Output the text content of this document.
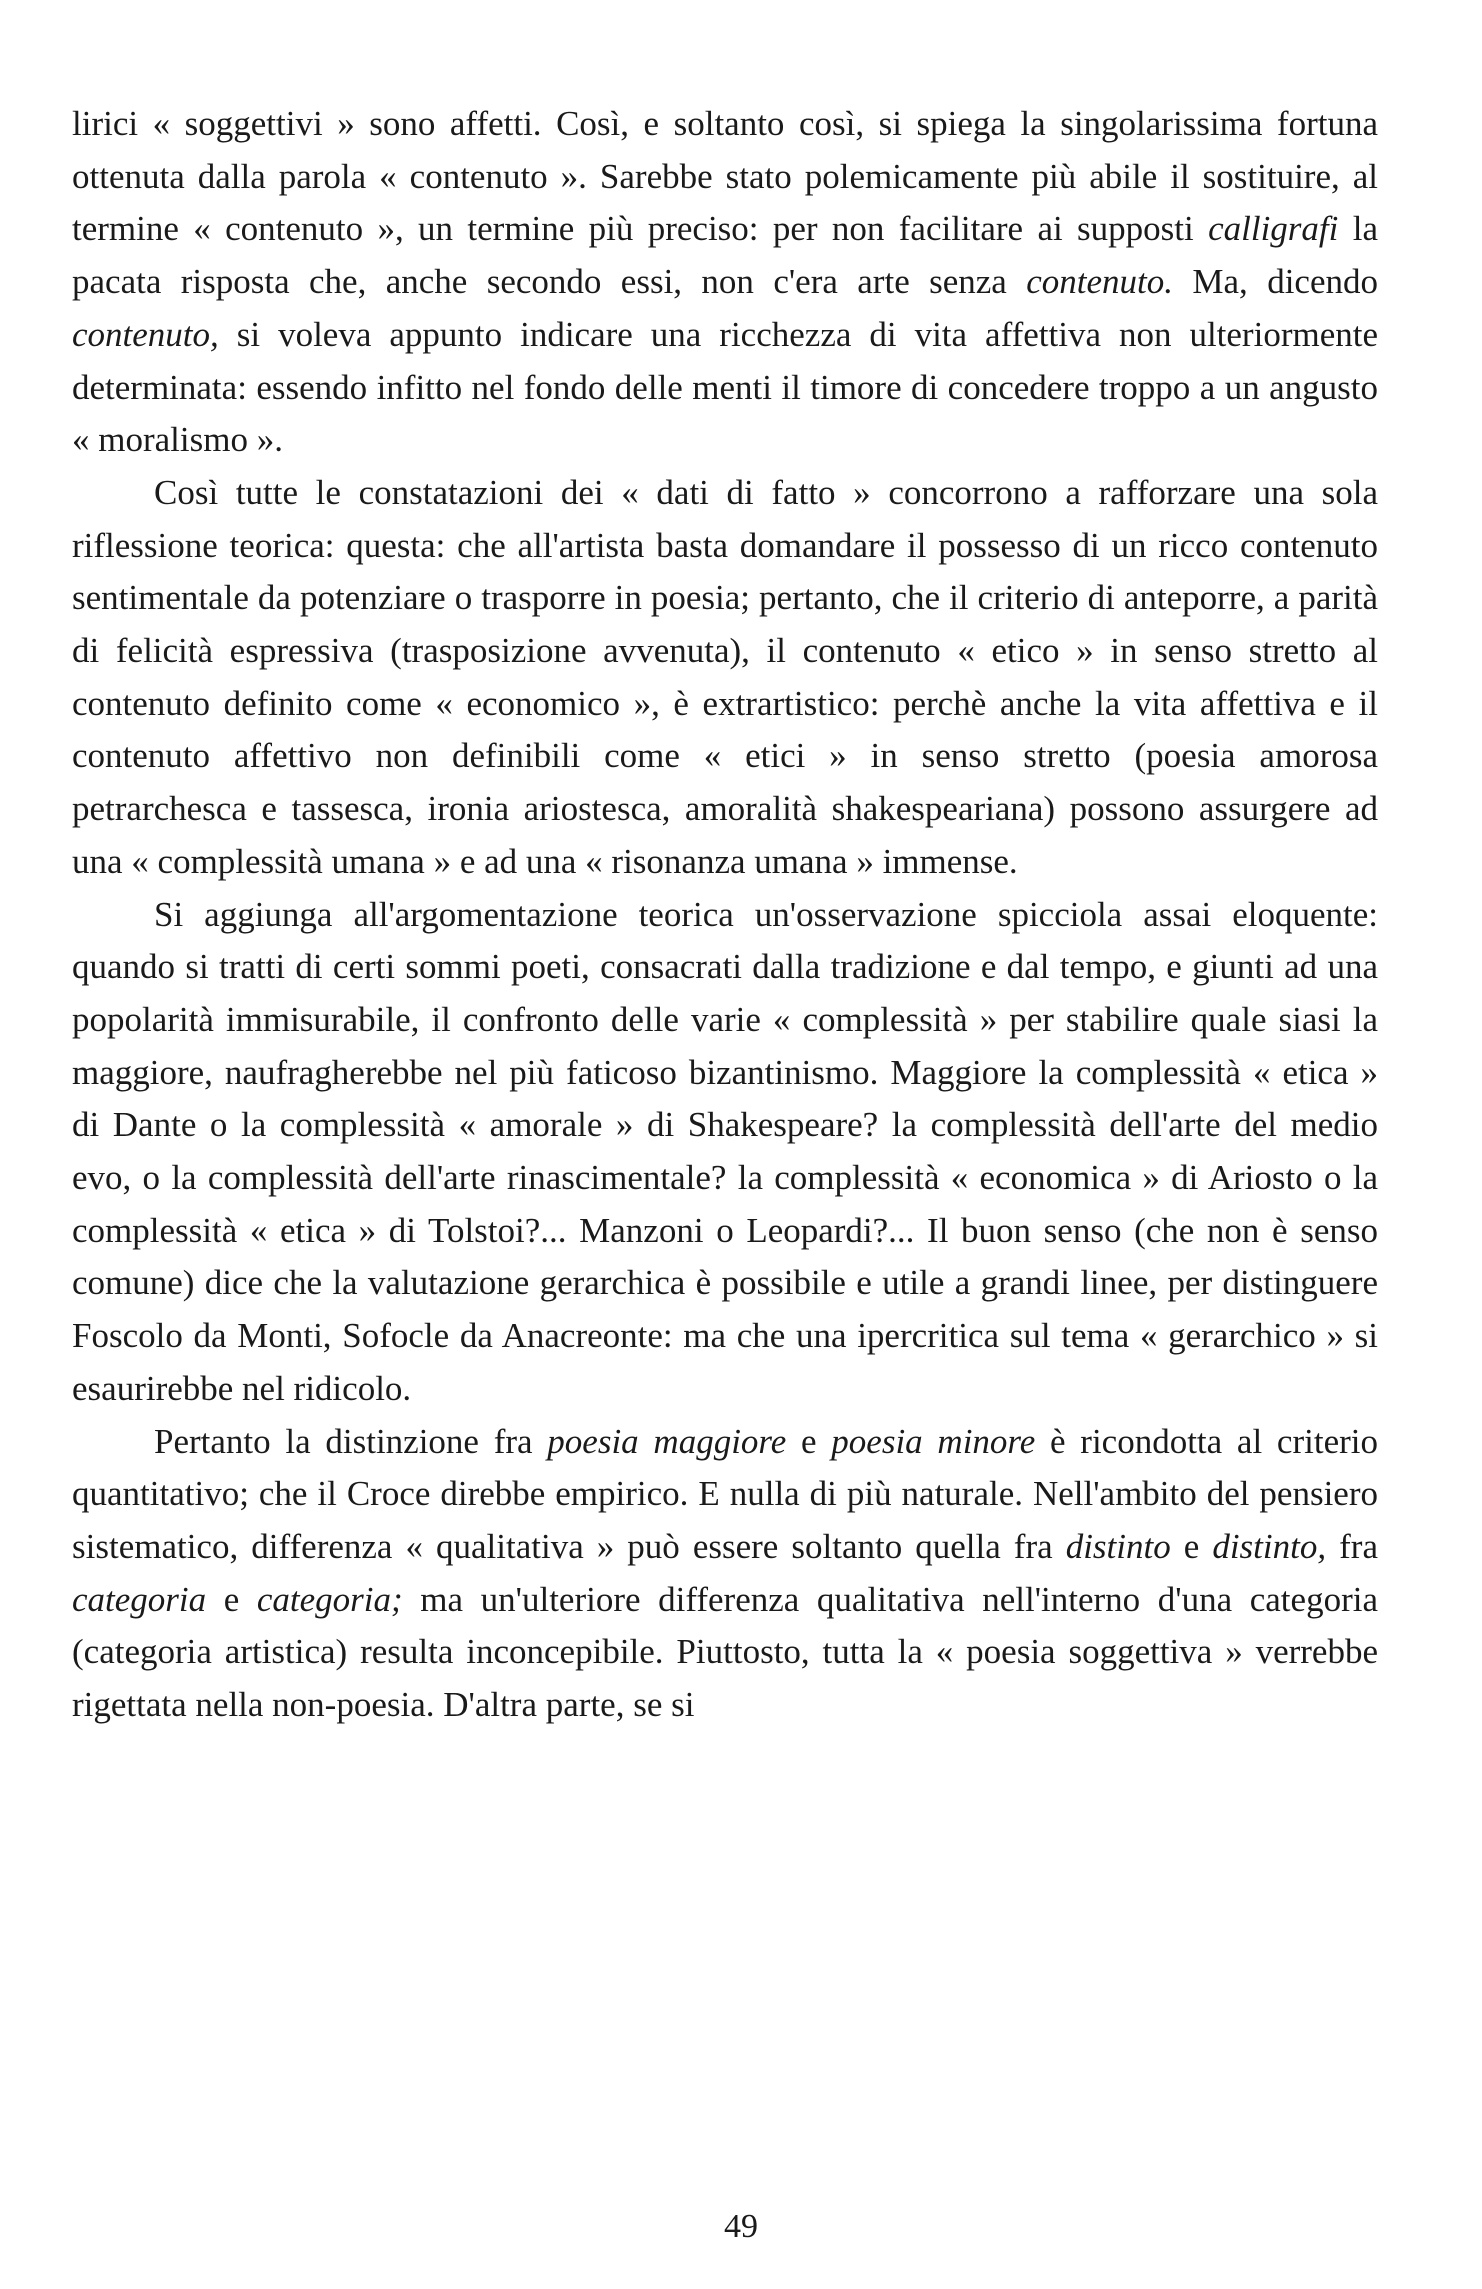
lirici « soggettivi » sono affetti. Così, e soltanto così, si spiega la singolarissima fortuna ottenuta dalla parola « contenuto ». Sarebbe stato polemicamente più abile il sostituire, al termine « contenuto », un termine più preciso: per non facilitare ai supposti calligrafi la pacata risposta che, anche secondo essi, non c'era arte senza contenuto. Ma, dicendo contenuto, si voleva appunto indicare una ricchezza di vita affettiva non ulteriormente determinata: essendo infitto nel fondo delle menti il timore di concedere troppo a un angusto « moralismo ».

Così tutte le constatazioni dei « dati di fatto » concorrono a rafforzare una sola riflessione teorica: questa: che all'artista basta domandare il possesso di un ricco contenuto sentimentale da potenziare o trasporre in poesia; pertanto, che il criterio di anteporre, a parità di felicità espressiva (trasposizione avvenuta), il contenuto « etico » in senso stretto al contenuto definito come « economico », è extrartistico: perchè anche la vita affettiva e il contenuto affettivo non definibili come « etici » in senso stretto (poesia amorosa petrarchesca e tassesca, ironia ariostesca, amoralità shakespeariana) possono assurgere ad una « complessità umana » e ad una « risonanza umana » immense.

Si aggiunga all'argomentazione teorica un'osservazione spicciola assai eloquente: quando si tratti di certi sommi poeti, consacrati dalla tradizione e dal tempo, e giunti ad una popolarità immisurabile, il confronto delle varie « complessità » per stabilire quale siasi la maggiore, naufragherebbe nel più faticoso bizantinismo. Maggiore la complessità « etica » di Dante o la complessità « amorale » di Shakespeare? la complessità dell'arte del medio evo, o la complessità dell'arte rinascimentale? la complessità « economica » di Ariosto o la complessità « etica » di Tolstoi?... Manzoni o Leopardi?... Il buon senso (che non è senso comune) dice che la valutazione gerarchica è possibile e utile a grandi linee, per distinguere Foscolo da Monti, Sofocle da Anacreonte: ma che una ipercritica sul tema « gerarchico » si esaurirebbe nel ridicolo.

Pertanto la distinzione fra poesia maggiore e poesia minore è ricondotta al criterio quantitativo; che il Croce direbbe empirico. E nulla di più naturale. Nell'ambito del pensiero sistematico, differenza « qualitativa » può essere soltanto quella fra distinto e distinto, fra categoria e categoria; ma un'ulteriore differenza qualitativa nell'interno d'una categoria (categoria artistica) resulta inconcepibile. Piuttosto, tutta la « poesia soggettiva » verrebbe rigettata nella non-poesia. D'altra parte, se si

49
